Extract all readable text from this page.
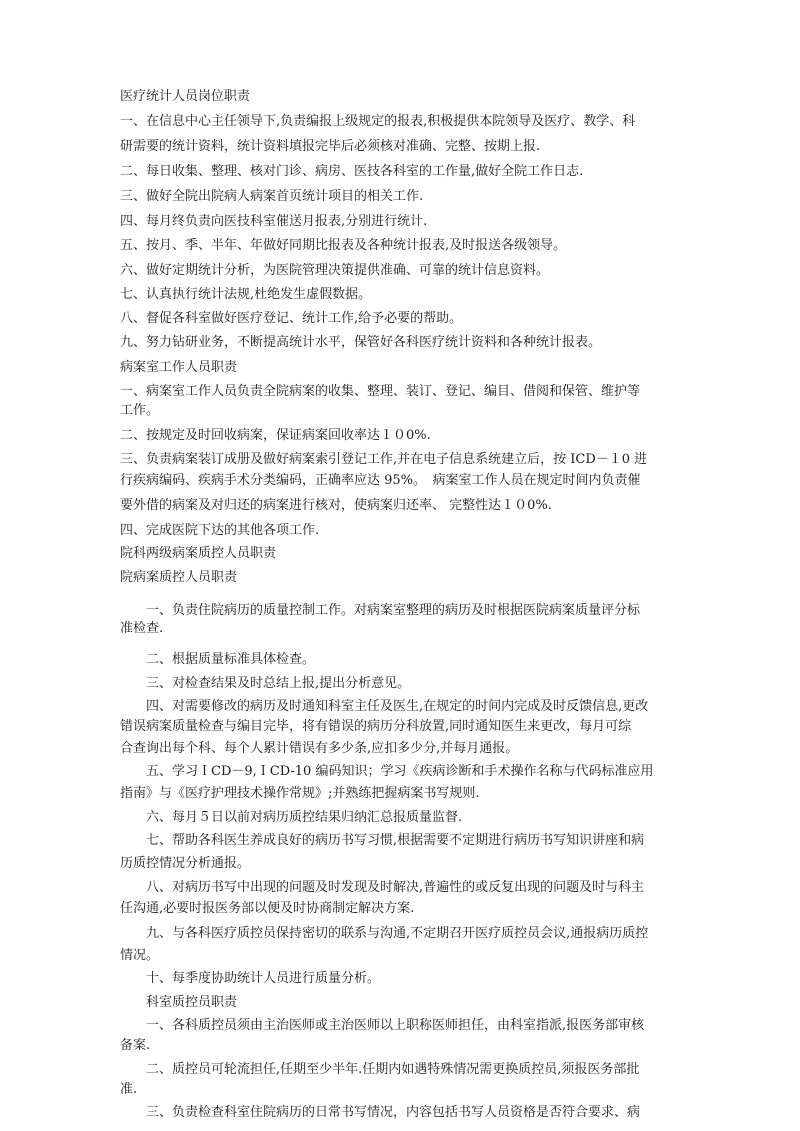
医疗统计人员岗位职责
一、在信息中心主任领导下,负责编报上级规定的报表,积极提供本院领导及医疗、教学、科
研需要的统计资料，统计资料填报完毕后必须核对准确、完整、按期上报.
二、每日收集、整理、核对门诊、病房、医技各科室的工作量,做好全院工作日志.
三、做好全院出院病人病案首页统计项目的相关工作.
四、每月终负责向医技科室催送月报表,分别进行统计.
五、按月、季、半年、年做好同期比报表及各种统计报表,及时报送各级领导。
六、做好定期统计分析，为医院管理决策提供准确、可靠的统计信息资料。
七、认真执行统计法规,杜绝发生虚假数据。
八、督促各科室做好医疗登记、统计工作,给予必要的帮助。
九、努力钻研业务，不断提高统计水平，保管好各科医疗统计资料和各种统计报表。
病案室工作人员职责
一、病案室工作人员负责全院病案的收集、整理、装订、登记、编目、借阅和保管、维护等
工作。
二、按规定及时回收病案，保证病案回收率达１０0%.
三、负责病案装订成册及做好病案索引登记工作,并在电子信息系统建立后，按 ICD－１0 进
行疾病编码、疾病手术分类编码，正确率应达 95%。　病案室工作人员在规定时间内负责催
要外借的病案及对归还的病案进行核对，使病案归还率、 完整性达１０0%.
四、完成医院下达的其他各项工作.
院科两级病案质控人员职责
院病案质控人员职责
　　一、负责住院病历的质量控制工作。对病案室整理的病历及时根据医院病案质量评分标
准检查.
　　二、根据质量标准具体检查。
　　三、对检查结果及时总结上报,提出分析意见。
　　四、对需要修改的病历及时通知科室主任及医生,在规定的时间内完成及时反馈信息,更改
错误病案质量检查与编目完毕，将有错误的病历分科放置,同时通知医生来更改，每月可综
合查询出每个科、每个人累计错误有多少条,应扣多少分,并每月通报。
　　五、学习ＩCD－9,ＩCD-10 编码知识；学习《疾病诊断和手术操作名称与代码标准应用
指南》与《医疗护理技术操作常规》;并熟练把握病案书写规则.
　　六、每月５日以前对病历质控结果归纳汇总报质量监督.
　　七、帮助各科医生养成良好的病历书写习惯,根据需要不定期进行病历书写知识讲座和病
历质控情况分析通报。
　　八、对病历书写中出现的问题及时发现及时解决,普遍性的或反复出现的问题及时与科主
任沟通,必要时报医务部以便及时协商制定解决方案.
　　九、与各科医疗质控员保持密切的联系与沟通,不定期召开医疗质控员会议,通报病历质控
情况。
　　十、每季度协助统计人员进行质量分析。
　　科室质控员职责
　　一、各科质控员须由主治医师或主治医师以上职称医师担任，由科室指派,报医务部审核
备案.
　　二、质控员可轮流担任,任期至少半年.任期内如遇特殊情况需更换质控员,须报医务部批
准.
　　三、负责检查科室住院病历的日常书写情况，内容包括书写人员资格是否符合要求、病
